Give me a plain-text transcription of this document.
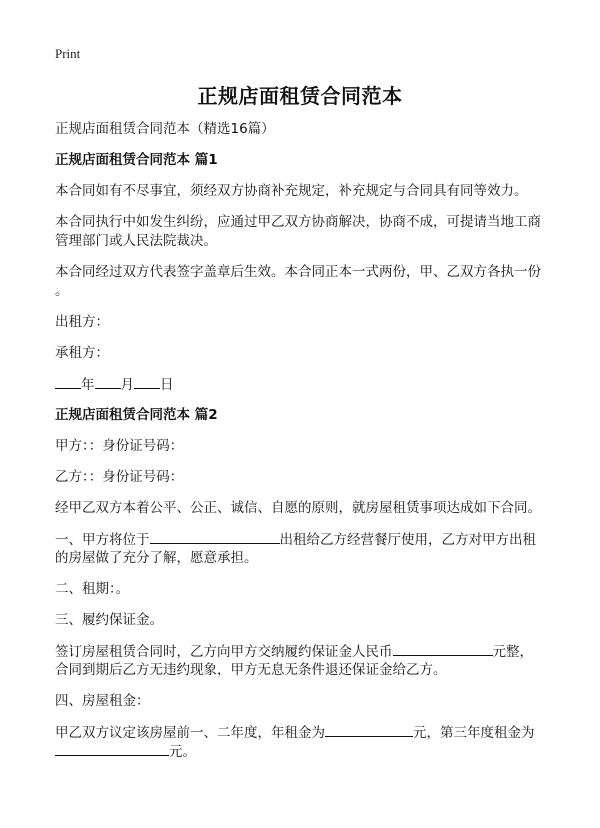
Print
正规店面租赁合同范本
正规店面租赁合同范本（精选16篇）
正规店面租赁合同范本 篇1
本合同如有不尽事宜，须经双方协商补充规定，补充规定与合同具有同等效力。
本合同执行中如发生纠纷，应通过甲乙双方协商解决，协商不成，可提请当地工商
管理部门或人民法院裁决。
本合同经过双方代表签字盖章后生效。本合同正本一式两份，甲、乙双方各执一份
。
出租方：
承租方：
年 月 日
正规店面租赁合同范本 篇2
甲方：：身份证号码：
乙方：：身份证号码：
经甲乙双方本着公平、公正、诚信、自愿的原则，就房屋租赁事项达成如下合同。
一、甲方将位于	出租给乙方经营餐厅使用，乙方对甲方出租
的房屋做了充分了解，愿意承担。
二、租期：。
三、履约保证金。
签订房屋租赁合同时，乙方向甲方交纳履约保证金人民币	元整，
合同到期后乙方无违约现象，甲方无息无条件退还保证金给乙方。
四、房屋租金：
甲乙双方议定该房屋前一、二年度，年租金为	元，第三年度租金为
元。
